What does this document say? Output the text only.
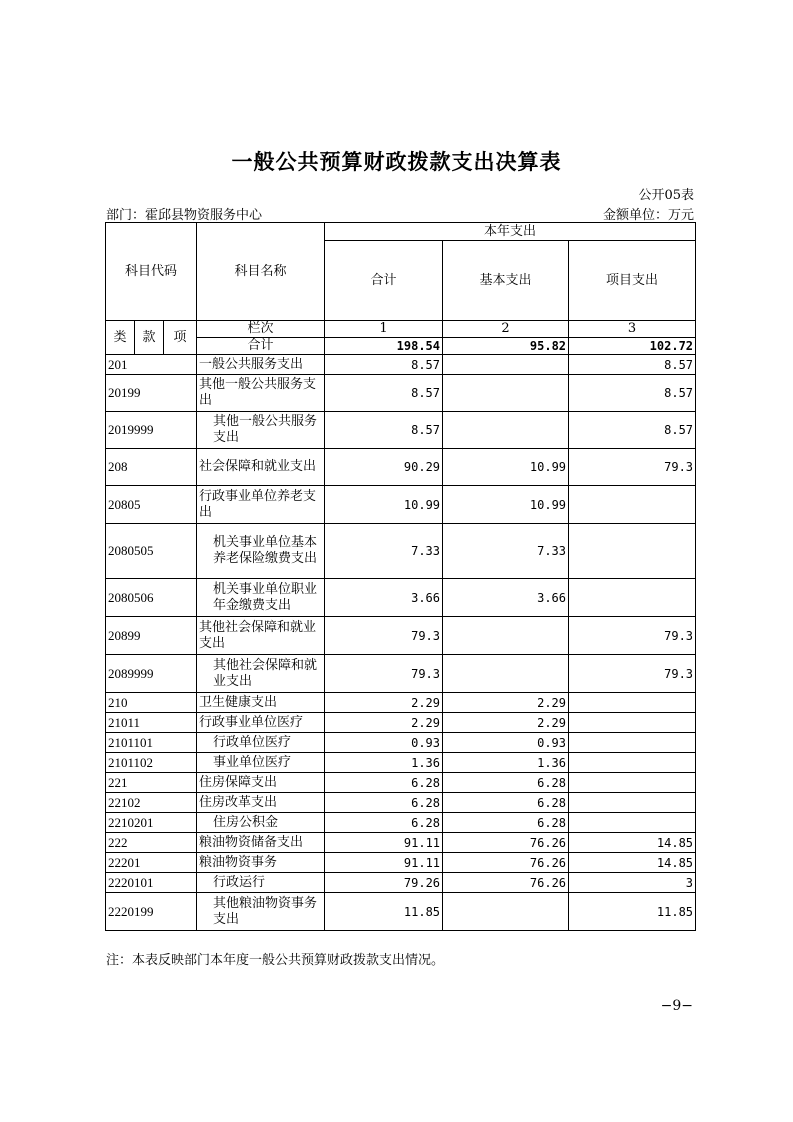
一般公共预算财政拨款支出决算表
公开05表
部门：霍邱县物资服务中心	金额单位：万元
科目代码			科目名称	本年支出		
				合计	基本支出	项目支出
类	款	项	栏次	1	2	3
			合计	198.54	95.82	102.72
201			一般公共服务支出	8.57		8.57
20199			其他一般公共服务支出	8.57		8.57
2019999			其他一般公共服务支出	8.57		8.57
208			社会保障和就业支出	90.29	10.99	79.3
20805			行政事业单位养老支出	10.99	10.99	
2080505			机关事业单位基本养老保险缴费支出	7.33	7.33	
2080506			机关事业单位职业年金缴费支出	3.66	3.66	
20899			其他社会保障和就业支出	79.3		79.3
2089999			其他社会保障和就业支出	79.3		79.3
210			卫生健康支出	2.29	2.29	
21011			行政事业单位医疗	2.29	2.29	
2101101			行政单位医疗	0.93	0.93	
2101102			事业单位医疗	1.36	1.36	
221			住房保障支出	6.28	6.28	
22102			住房改革支出	6.28	6.28	
2210201			住房公积金	6.28	6.28	
222			粮油物资储备支出	91.11	76.26	14.85
22201			粮油物资事务	91.11	76.26	14.85
2220101			行政运行	79.26	76.26	3
2220199			其他粮油物资事务支出	11.85		11.85
注：本表反映部门本年度一般公共预算财政拨款支出情况。
−9−
